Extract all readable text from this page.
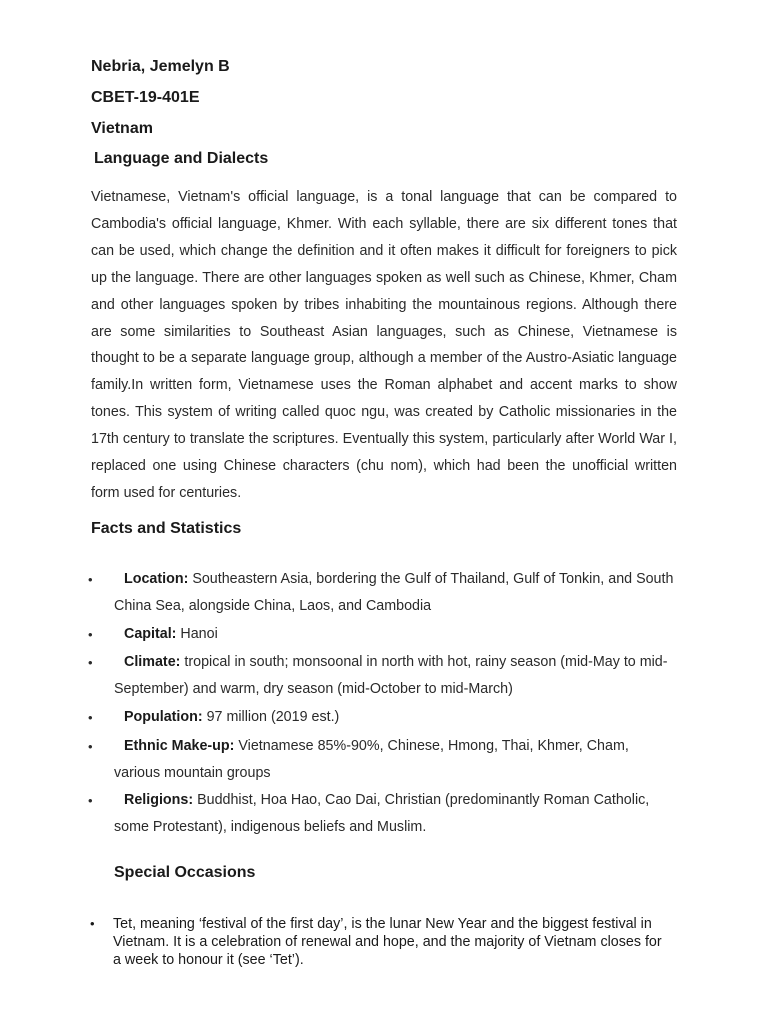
Nebria, Jemelyn B
CBET-19-401E
Vietnam
Language and Dialects

Vietnamese, Vietnam's official language, is a tonal language that can be compared to Cambodia's official language, Khmer. With each syllable, there are six different tones that can be used, which change the definition and it often makes it difficult for foreigners to pick up the language. There are other languages spoken as well such as Chinese, Khmer, Cham and other languages spoken by tribes inhabiting the mountainous regions. Although there are some similarities to Southeast Asian languages, such as Chinese, Vietnamese is thought to be a separate language group, although a member of the Austro-Asiatic language family.In written form, Vietnamese uses the Roman alphabet and accent marks to show tones. This system of writing called quoc ngu, was created by Catholic missionaries in the 17th century to translate the scriptures. Eventually this system, particularly after World War I, replaced one using Chinese characters (chu nom), which had been the unofficial written form used for centuries.

Facts and Statistics
•	Location: Southeastern Asia, bordering the Gulf of Thailand, Gulf of Tonkin, and South China Sea, alongside China, Laos, and Cambodia
•	Capital: Hanoi
•	Climate: tropical in south; monsoonal in north with hot, rainy season (mid-May to mid-September) and warm, dry season (mid-October to mid-March)
•	Population: 97 million (2019 est.)
•	Ethnic Make-up: Vietnamese 85%-90%, Chinese, Hmong, Thai, Khmer, Cham, various mountain groups
•	Religions: Buddhist, Hoa Hao, Cao Dai, Christian (predominantly Roman Catholic, some Protestant), indigenous beliefs and Muslim.
Special Occasions
• Tet, meaning ‘festival of the first day’, is the lunar New Year and the biggest festival in Vietnam. It is a celebration of renewal and hope, and the majority of Vietnam closes for a week to honour it (see ‘Tet’).
